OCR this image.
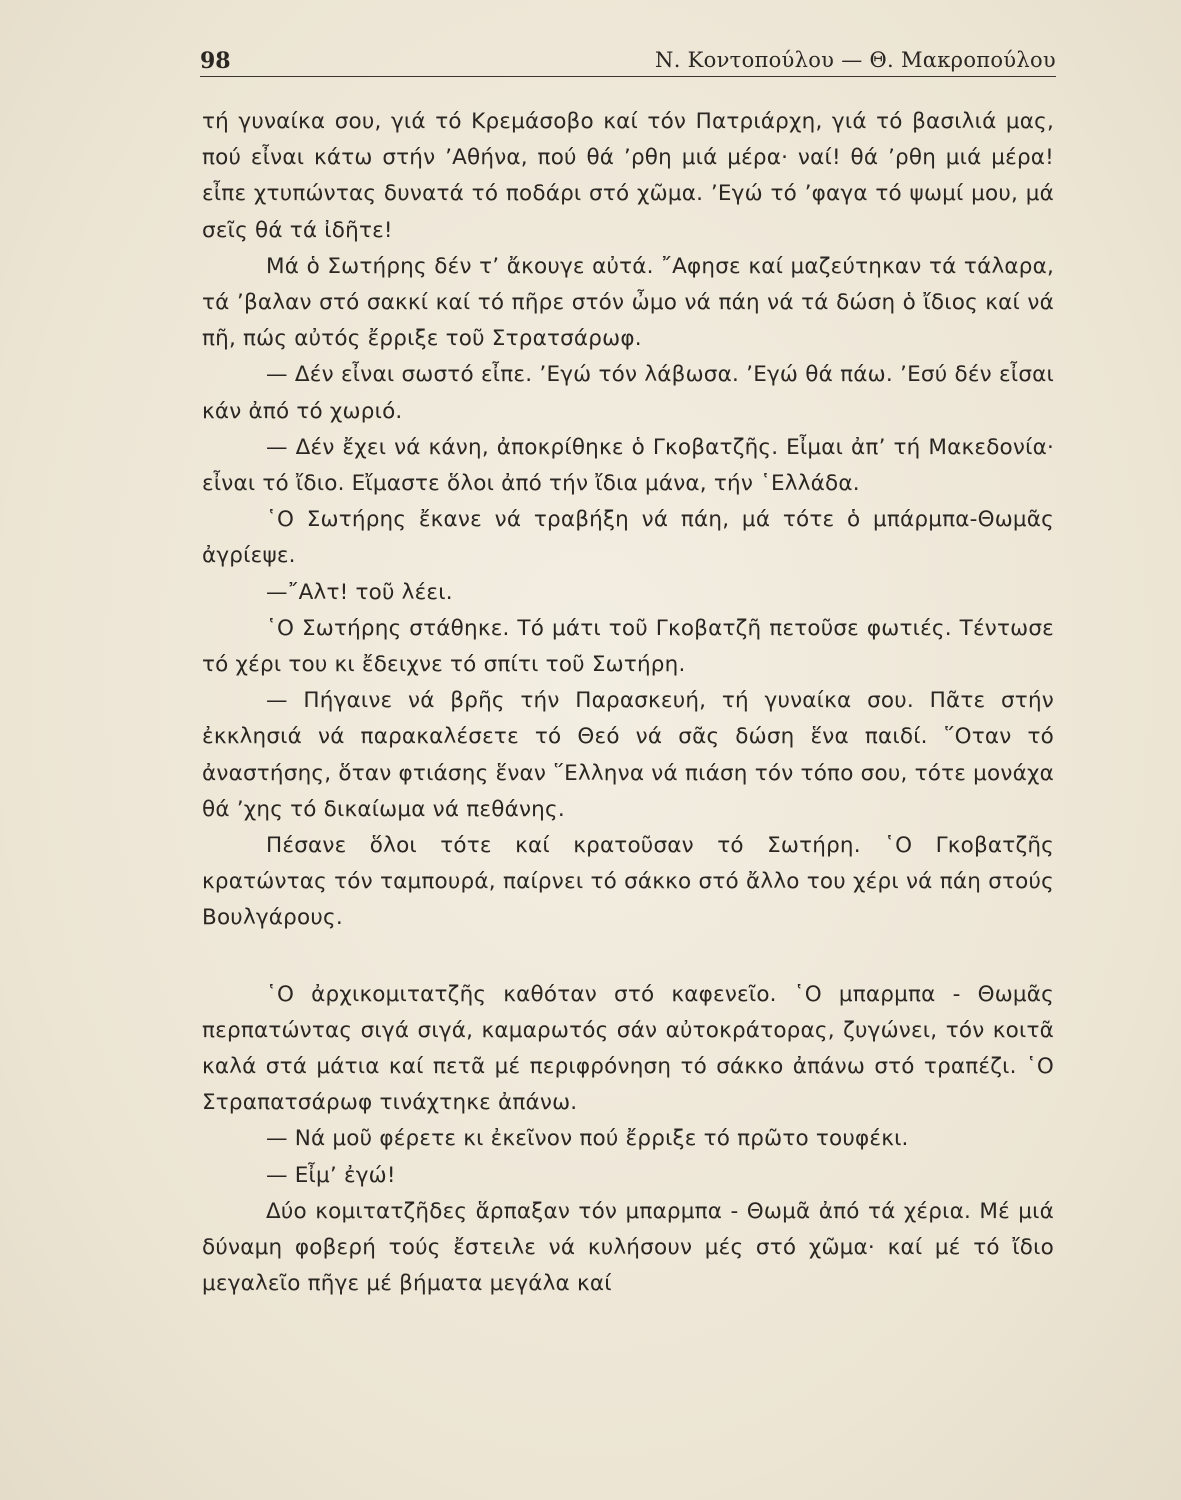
98	Ν. Κοντοπούλου — Θ. Μακροπούλου

τή γυναίκα σου, γιά τό Κρεμάσοβο καί τόν Πατριάρχη, γιά τό βασιλιά μας, πού εἶναι κάτω στήν ’Αθήνα, πού θά ’ρθη μιά μέρα· ναί! θά ’ρθη μιά μέρα! εἶπε χτυπώντας δυνατά τό ποδάρι στό χῶμα. ’Εγώ τό ’φαγα τό ψωμί μου, μά σεῖς θά τά ἰδῆτε!

Μά ὁ Σωτήρης δέν τ’ ἄκουγε αὐτά. ῎Αφησε καί μαζεύτηκαν τά τάλαρα, τά ’βαλαν στό σακκί καί τό πῆρε στόν ὦμο νά πάη νά τά δώση ὁ ἴδιος καί νά πῆ, πώς αὐτός ἔρριξε τοῦ Στρατσάρωφ.

— Δέν εἶναι σωστό εἶπε. ’Εγώ τόν λάβωσα. ’Εγώ θά πάω. ’Εσύ δέν εἶσαι κάν ἀπό τό χωριό.

— Δέν ἔχει νά κάνη, ἀποκρίθηκε ὁ Γκοβατζῆς. Εἶμαι ἀπ’ τή Μακεδονία· εἶναι τό ἴδιο. Εἴμαστε ὅλοι ἀπό τήν ἴδια μάνα, τήν ῾Ελλάδα.

῾Ο Σωτήρης ἔκανε νά τραβήξη νά πάη, μά τότε ὁ μπάρμπα-Θωμᾶς ἀγρίεψε.

—῎Αλτ! τοῦ λέει.

῾Ο Σωτήρης στάθηκε. Τό μάτι τοῦ Γκοβατζῆ πετοῦσε φωτιές. Τέντωσε τό χέρι του κι ἔδειχνε τό σπίτι τοῦ Σωτήρη.

— Πήγαινε νά βρῆς τήν Παρασκευή, τή γυναίκα σου. Πᾶτε στήν ἐκκλησιά νά παρακαλέσετε τό Θεό νά σᾶς δώση ἕνα παιδί. ῞Οταν τό ἀναστήσης, ὅταν φτιάσης ἕναν ῞Ελληνα νά πιάση τόν τόπο σου, τότε μονάχα θά ’χης τό δικαίωμα νά πεθάνης.

Πέσανε ὅλοι τότε καί κρατοῦσαν τό Σωτήρη. ῾Ο Γκοβατζῆς κρατώντας τόν ταμπουρά, παίρνει τό σάκκο στό ἄλλο του χέρι νά πάη στούς Βουλγάρους.

῾Ο ἀρχικομιτατζῆς καθόταν στό καφενεῖο. ῾Ο μπαρμπα - Θωμᾶς περπατώντας σιγά σιγά, καμαρωτός σάν αὐτοκράτορας, ζυγώνει, τόν κοιτᾶ καλά στά μάτια καί πετᾶ μέ περιφρόνηση τό σάκκο ἀπάνω στό τραπέζι. ῾Ο Στραπατσάρωφ τινάχτηκε ἀπάνω.

— Νά μοῦ φέρετε κι ἐκεῖνον πού ἔρριξε τό πρῶτο τουφέκι.

— Εἶμ’ ἐγώ!

Δύο κομιτατζῆδες ἅρπαξαν τόν μπαρμπα - Θωμᾶ ἀπό τά χέρια. Μέ μιά δύναμη φοβερή τούς ἔστειλε νά κυλήσουν μές στό χῶμα· καί μέ τό ἴδιο μεγαλεῖο πῆγε μέ βήματα μεγάλα καί
